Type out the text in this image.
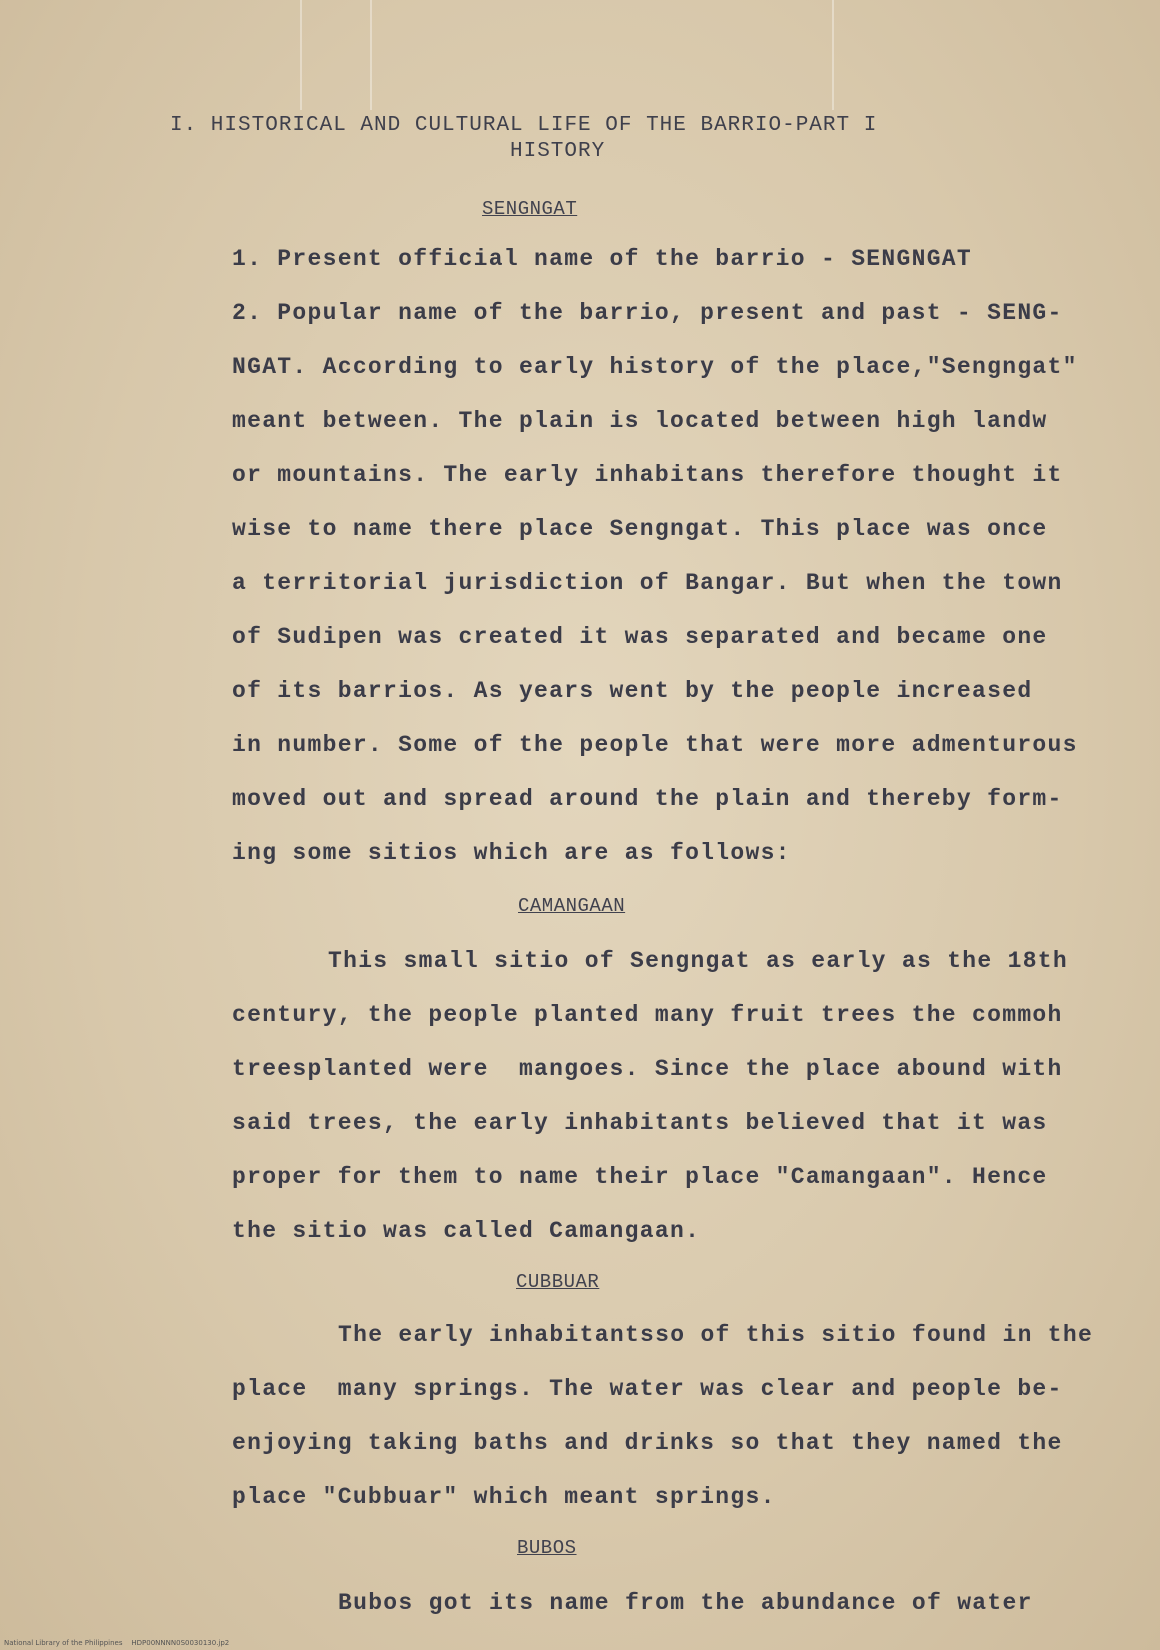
I. HISTORICAL AND CULTURAL LIFE OF THE BARRIO-PART I
HISTORY
SENGNGAT
1. Present official name of the barrio - SENGNGAT
2. Popular name of the barrio, present and past - SENG-
NGAT. According to early history of the place,"Sengngat"
meant between. The plain is located between high landw
or mountains. The early inhabitans therefore thought it
wise to name there place Sengngat. This place was once
a territorial jurisdiction of Bangar. But when the town
of Sudipen was created it was separated and became one
of its barrios. As years went by the people increased
in number. Some of the people that were more admenturous
moved out and spread around the plain and thereby form-
ing some sitios which are as follows:
CAMANGAAN
This small sitio of Sengngat as early as the 18th
century, the people planted many fruit trees the commoh
treesplanted were  mangoes. Since the place abound with
said trees, the early inhabitants believed that it was
proper for them to name their place "Camangaan". Hence
the sitio was called Camangaan.
CUBBUAR
The early inhabitantsso of this sitio found in the
place  many springs. The water was clear and people be-
enjoying taking baths and drinks so that they named the
place "Cubbuar" which meant springs.
BUBOS
Bubos got its name from the abundance of water
National Library of the Philippines    HDP00NNNN0S0030130.jp2
